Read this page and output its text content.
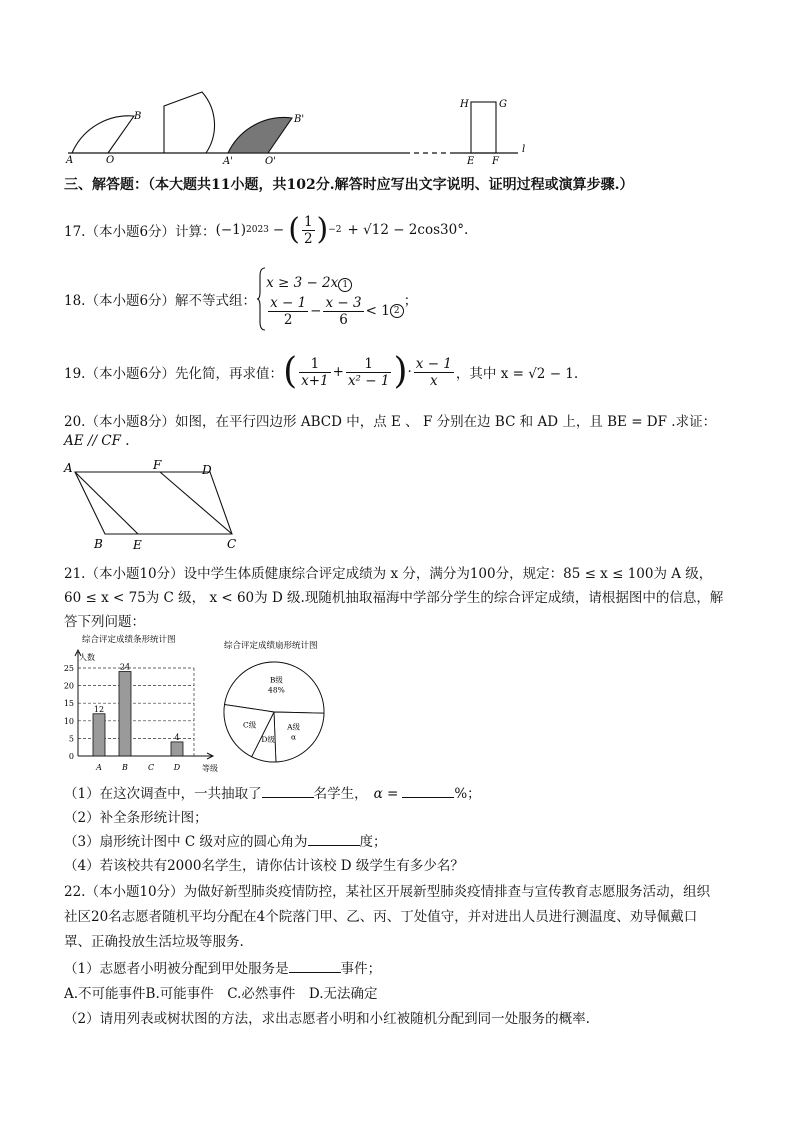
A	O
B	B'
A'	O'
H	G
E F
l
三、解答题：（本大题共11小题，共102分.解答时应写出文字说明、证明过程或演算步骤.）
17.（本小题6分）计算： (−1) 2023 − ( $\frac{1}{2}$ ) −2 + √12 − 2cos30°.
18.（本小题6分）解不等式组：
x ≥ 3 − 2x 1
$\frac{x - 1}{2} - \frac{x - 3}{6} < 1$ 2
；
19.（本小题6分）先化简，再求值： ( $\frac{1}{x+1} + \frac{1}{\text{x² − 1}}$ ) · $\frac{x - 1}{x}$ ，其中 x = √2 − 1.
20.（本小题8分）如图，在平行四边形 ABCD 中，点 E 、 F 分别在边 BC 和 AD 上，且 BE = DF .求证：
AE // CF .
A	F	D
B	E	C
21.（本小题10分）设中学生体质健康综合评定成绩为 x 分，满分为100分，规定：85 ≤ x ≤ 100为 A 级，
60 ≤ x < 75为 C 级， x < 60为 D 级.现随机抽取福海中学部分学生的综合评定成绩，请根据图中的信息，解
答下列问题：
综合评定成绩条形统计图
人数
等级
0
5
10
15
20
25
A	B C D
12
24
4
综合评定成绩扇形统计图
B级
48%
A级
α
D级
C级
（1）在这次调查中，一共抽取了	名学生， α =	%；
（2）补全条形统计图；
（3）扇形统计图中 C 级对应的圆心角为	度；
（4）若该校共有2000名学生，请你估计该校 D 级学生有多少名？
22.（本小题10分）为做好新型肺炎疫情防控，某社区开展新型肺炎疫情排查与宣传教育志愿服务活动，组织
社区20名志愿者随机平均分配在4个院落门甲、乙、丙、丁处值守，并对进出人员进行测温度、劝导佩戴口
罩、正确投放生活垃圾等服务.
（1）志愿者小明被分配到甲处服务是	事件；
A.不可能事件B.可能事件　C.必然事件　D.无法确定
（2）请用列表或树状图的方法，求出志愿者小明和小红被随机分配到同一处服务的概率.
